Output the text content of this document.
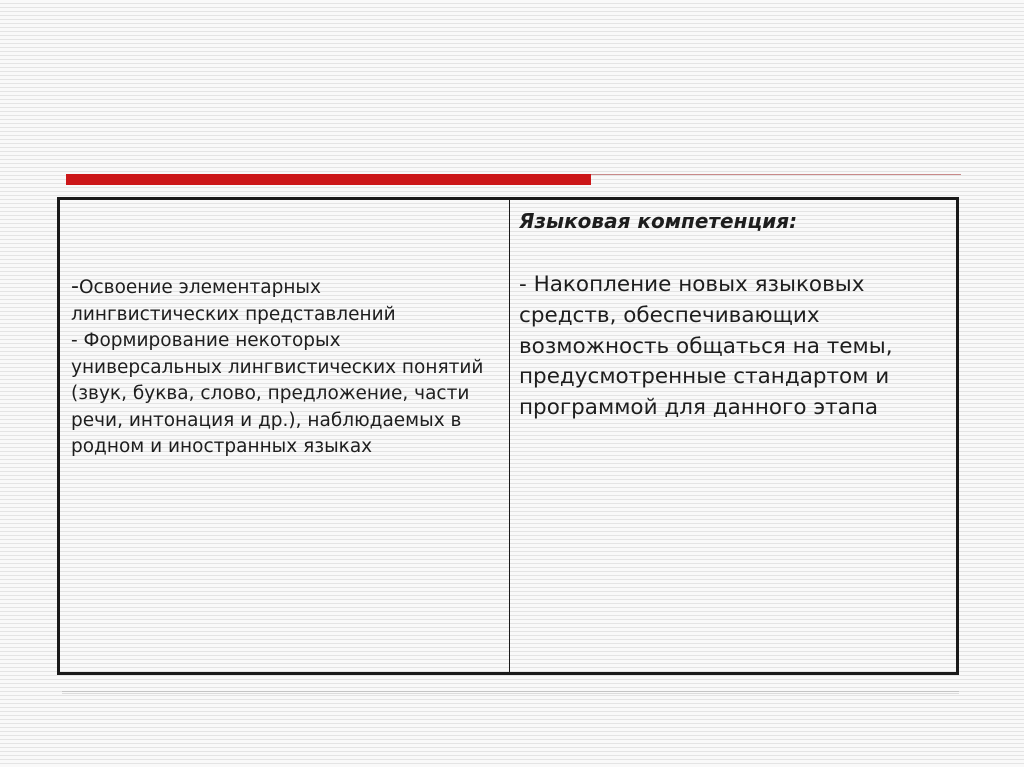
-Освоение элементарных лингвистических представлений

- Формирование некоторых универсальных лингвистических понятий (звук, буква, слово, предложение, части речи, интонация и др.), наблюдаемых в родном и иностранных языках

Языковая компетенция:

- Накопление новых языковых средств, обеспечивающих возможность общаться на темы, предусмотренные стандартом и программой для данного этапа
